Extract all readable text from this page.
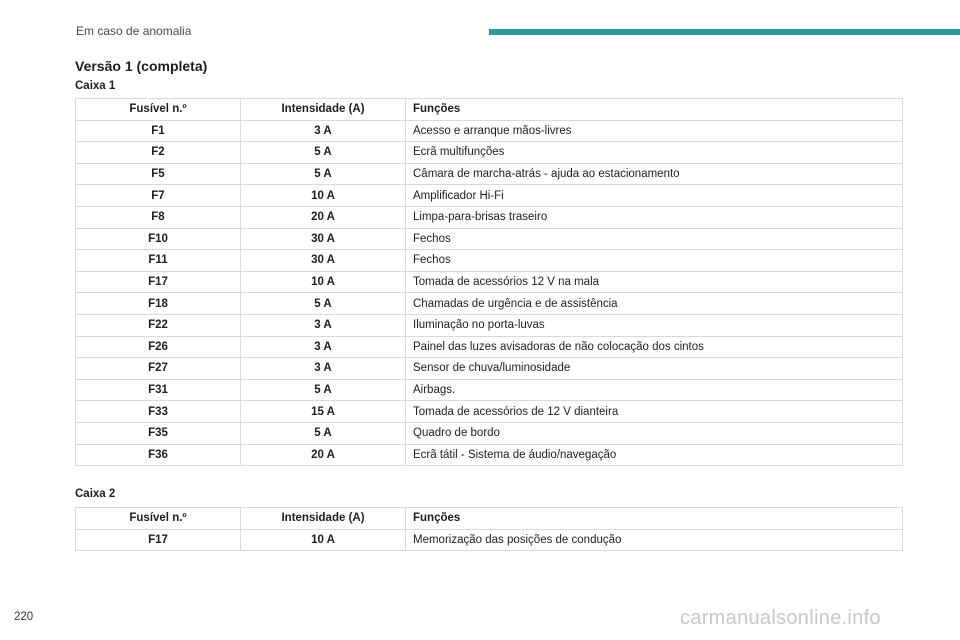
Em caso de anomalia
Versão 1 (completa)
Caixa 1
Fusível n.º	Intensidade (A)	Funções
F1	3 A	Acesso e arranque mãos-livres
F2	5 A	Ecrã multifunções
F5	5 A	Câmara de marcha-atrás - ajuda ao estacionamento
F7	10 A	Amplificador Hi-Fi
F8	20 A	Limpa-para-brisas traseiro
F10	30 A	Fechos
F11	30 A	Fechos
F17	10 A	Tomada de acessórios 12 V na mala
F18	5 A	Chamadas de urgência e de assistência
F22	3 A	Iluminação no porta-luvas
F26	3 A	Painel das luzes avisadoras de não colocação dos cintos
F27	3 A	Sensor de chuva/luminosidade
F31	5 A	Airbags.
F33	15 A	Tomada de acessórios de 12 V dianteira
F35	5 A	Quadro de bordo
F36	20 A	Ecrã tátil - Sistema de áudio/navegação
Caixa 2
Fusível n.º	Intensidade (A)	Funções
F17	10 A	Memorização das posições de condução
220	carmanualsonline.info
